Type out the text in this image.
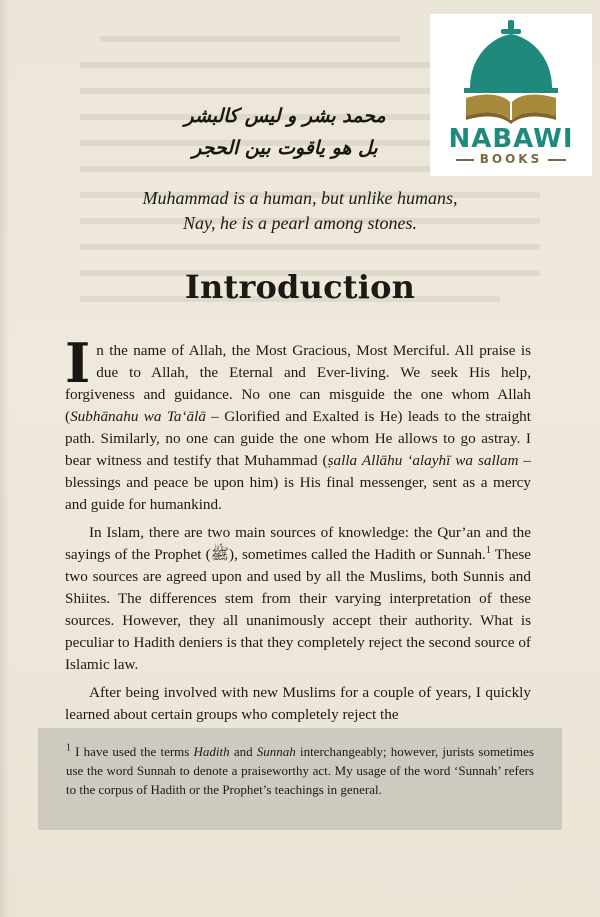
محمد بشر و ليس كالبشر
بل هو ياقوت بين الحجر
Muhammad is a human, but unlike humans,
Nay, he is a pearl among stones.
Introduction

In the name of Allah, the Most Gracious, Most Merciful. All praise is due to Allah, the Eternal and Ever-living. We seek His help, forgiveness and guidance. No one can misguide the one whom Allah (Subhānahu wa Ta‘ālā – Glorified and Exalted is He) leads to the straight path. Similarly, no one can guide the one whom He allows to go astray. I bear witness and testify that Muhammad (ṣalla Allāhu ‘alayhī wa sallam – blessings and peace be upon him) is His final messenger, sent as a mercy and guide for humankind.

In Islam, there are two main sources of knowledge: the Qur’an and the sayings of the Prophet (ﷺ), sometimes called the Hadith or Sunnah.$^1$ These two sources are agreed upon and used by all the Muslims, both Sunnis and Shiites. The differences stem from their varying interpretation of these sources. However, they all unanimously accept their authority. What is peculiar to Hadith deniers is that they completely reject the second source of Islamic law.

After being involved with new Muslims for a couple of years, I quickly learned about certain groups who completely reject the

$^1$ I have used the terms Hadith and Sunnah interchangeably; however, jurists sometimes use the word Sunnah to denote a praiseworthy act. My usage of the word ‘Sunnah’ refers to the corpus of Hadith or the Prophet’s teachings in general.

NABAWI
BOOKS
